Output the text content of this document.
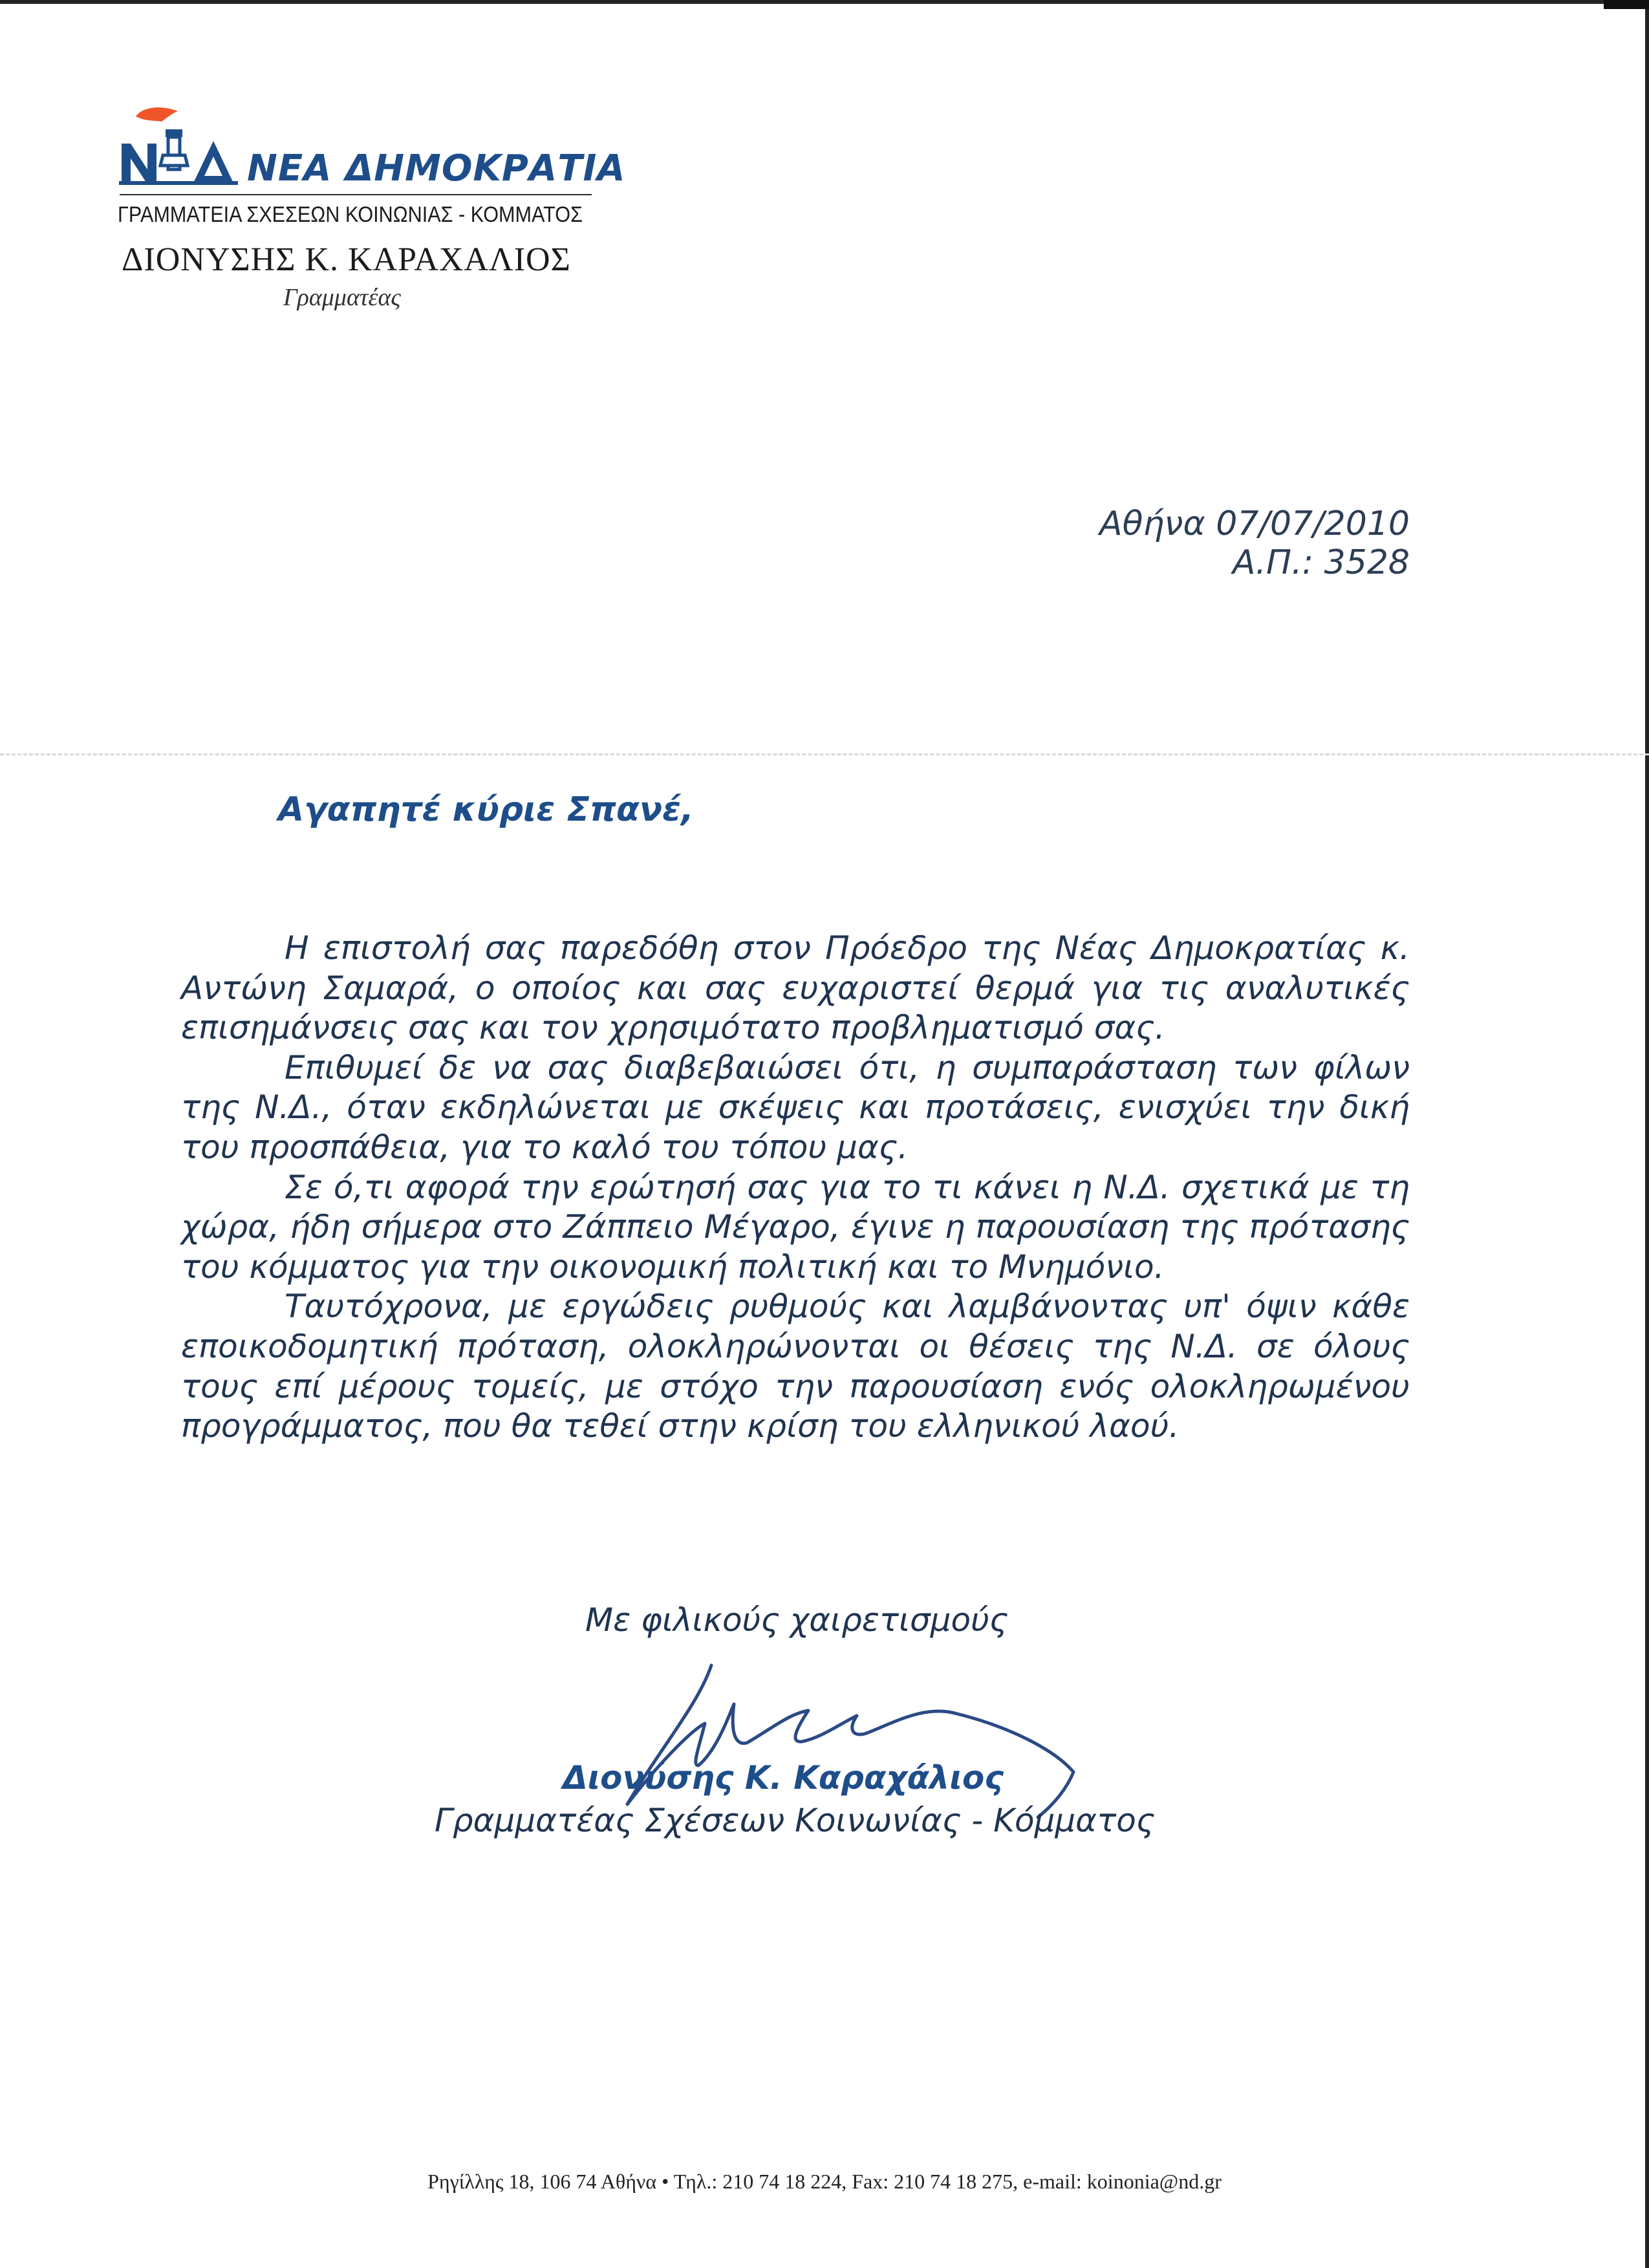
ΝΕΑ ΔΗΜΟΚΡΑΤΙΑ
ΓΡΑΜΜΑΤΕΙΑ ΣΧΕΣΕΩΝ ΚΟΙΝΩΝΙΑΣ - ΚΟΜΜΑΤΟΣ
ΔΙΟΝΥΣΗΣ Κ. ΚΑΡΑΧΑΛΙΟΣ
Γραμματέας
Αθήνα 07/07/2010
Α.Π.: 3528
Αγαπητέ κύριε Σπανέ,

Η επιστολή σας παρεδόθη στον Πρόεδρο της Νέας Δημοκρατίας κ. Αντώνη Σαμαρά, ο οποίος και σας ευχαριστεί θερμά για τις αναλυτικές επισημάνσεις σας και τον χρησιμότατο προβληματισμό σας.

Επιθυμεί δε να σας διαβεβαιώσει ότι, η συμπαράσταση των φίλων της Ν.Δ., όταν εκδηλώνεται με σκέψεις και προτάσεις, ενισχύει την δική του προσπάθεια, για το καλό του τόπου μας.

Σε ό,τι αφορά την ερώτησή σας για το τι κάνει η Ν.Δ. σχετικά με τη χώρα, ήδη σήμερα στο Ζάππειο Μέγαρο, έγινε η παρουσίαση της πρότασης του κόμματος για την οικονομική πολιτική και το Μνημόνιο.

Ταυτόχρονα, με εργώδεις ρυθμούς και λαμβάνοντας υπ' όψιν κάθε εποικοδομητική πρόταση, ολοκληρώνονται οι θέσεις της Ν.Δ. σε όλους τους επί μέρους τομείς, με στόχο την παρουσίαση ενός ολοκληρωμένου προγράμματος, που θα τεθεί στην κρίση του ελληνικού λαού.

Με φιλικούς χαιρετισμούς
Διονύσης Κ. Καραχάλιος
Γραμματέας Σχέσεων Κοινωνίας - Κόμματος
Ρηγίλλης 18, 106 74 Αθήνα • Τηλ.: 210 74 18 224, Fax: 210 74 18 275, e-mail: koinonia@nd.gr
